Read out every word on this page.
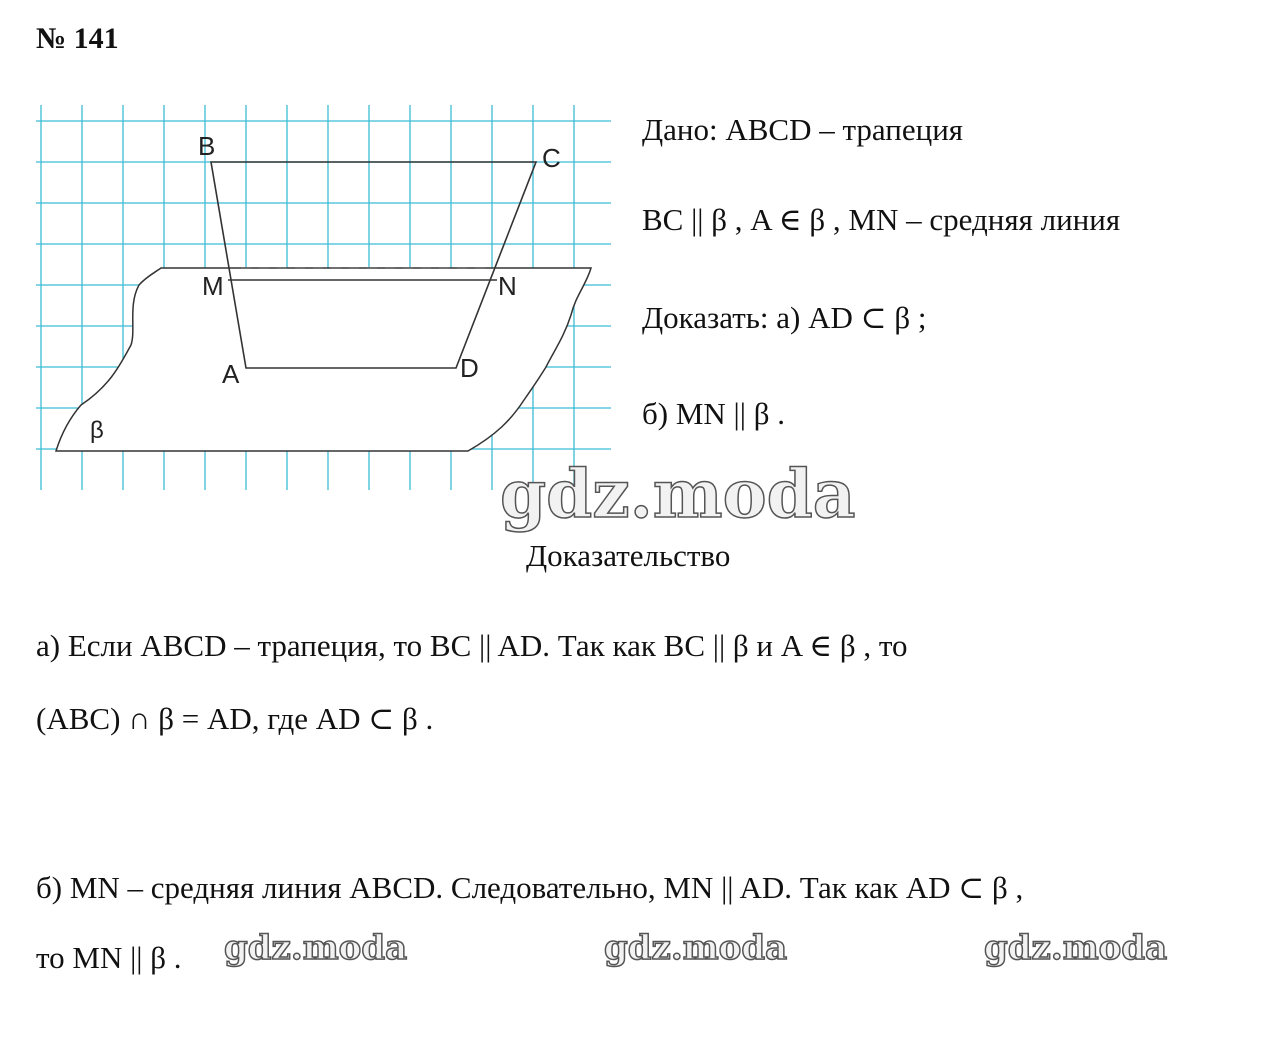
№ 141
B	C
M	N
A	D
β
Дано: ABCD – трапеция
BC || β , A ∈ β , MN – средняя линия
Доказать: а) AD ⊂ β ;
б) MN || β .
gdz.moda
Доказательство
а) Если ABCD – трапеция, то BC || AD. Так как BC || β и A ∈ β , то
(ABC) ∩ β = AD, где AD ⊂ β .
б) MN – средняя линия ABCD. Следовательно, MN || AD. Так как AD ⊂ β ,
то MN || β . gdz.moda	gdz.moda	gdz.moda
